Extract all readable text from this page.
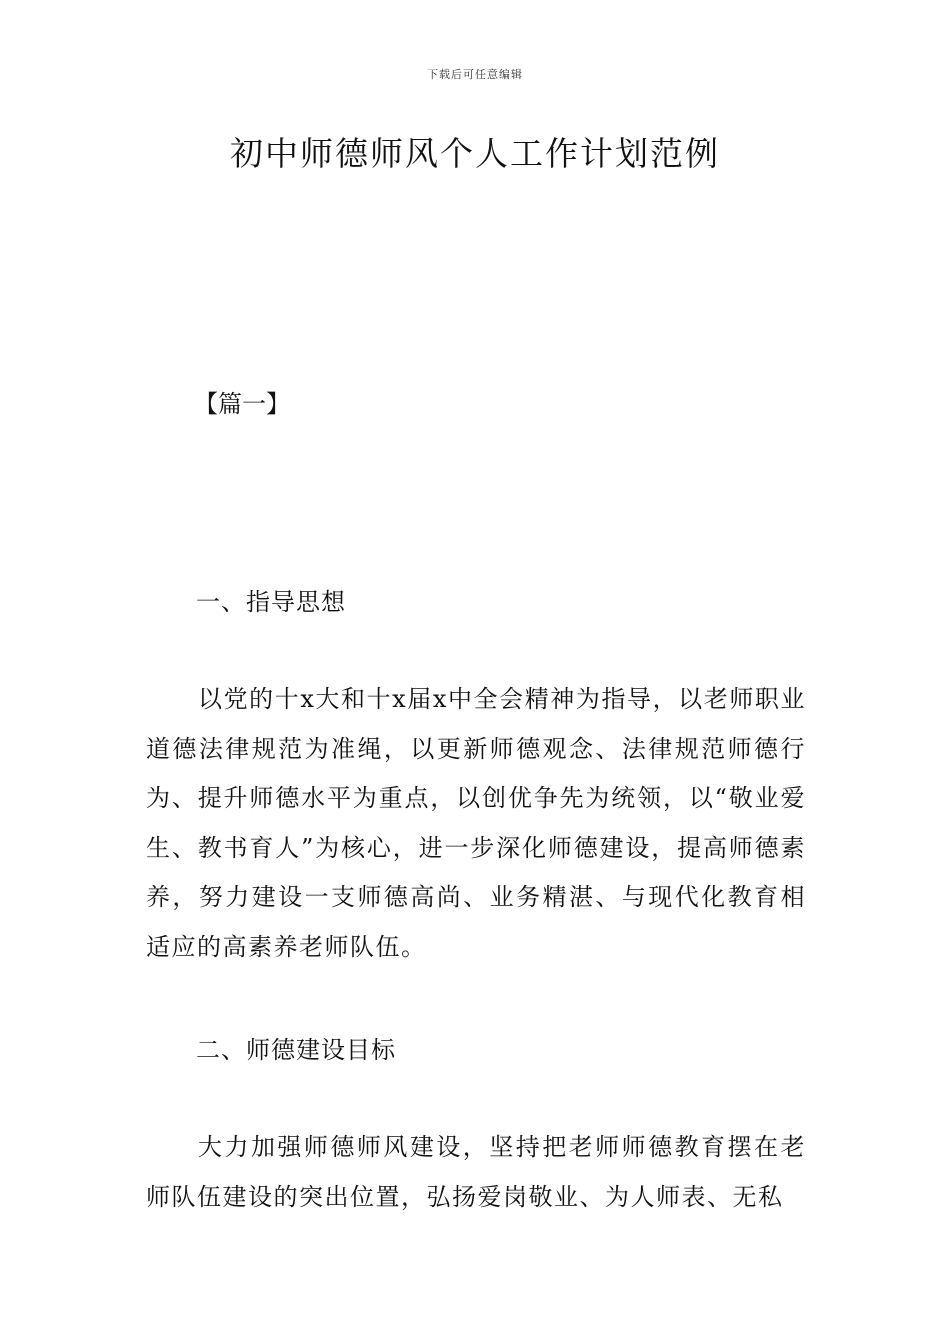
下载后可任意编辑
初中师德师风个人工作计划范例
【篇一】
一、指导思想

以党的十x大和十x届x中全会精神为指导，以老师职业道德法律规范为准绳，以更新师德观念、法律规范师德行为、提升师德水平为重点，以创优争先为统领，以“敬业爱生、教书育人”为核心，进一步深化师德建设，提高师德素养，努力建设一支师德高尚、业务精湛、与现代化教育相适应的高素养老师队伍。

二、师德建设目标

大力加强师德师风建设，坚持把老师师德教育摆在老师队伍建设的突出位置，弘扬爱岗敬业、为人师表、无私
